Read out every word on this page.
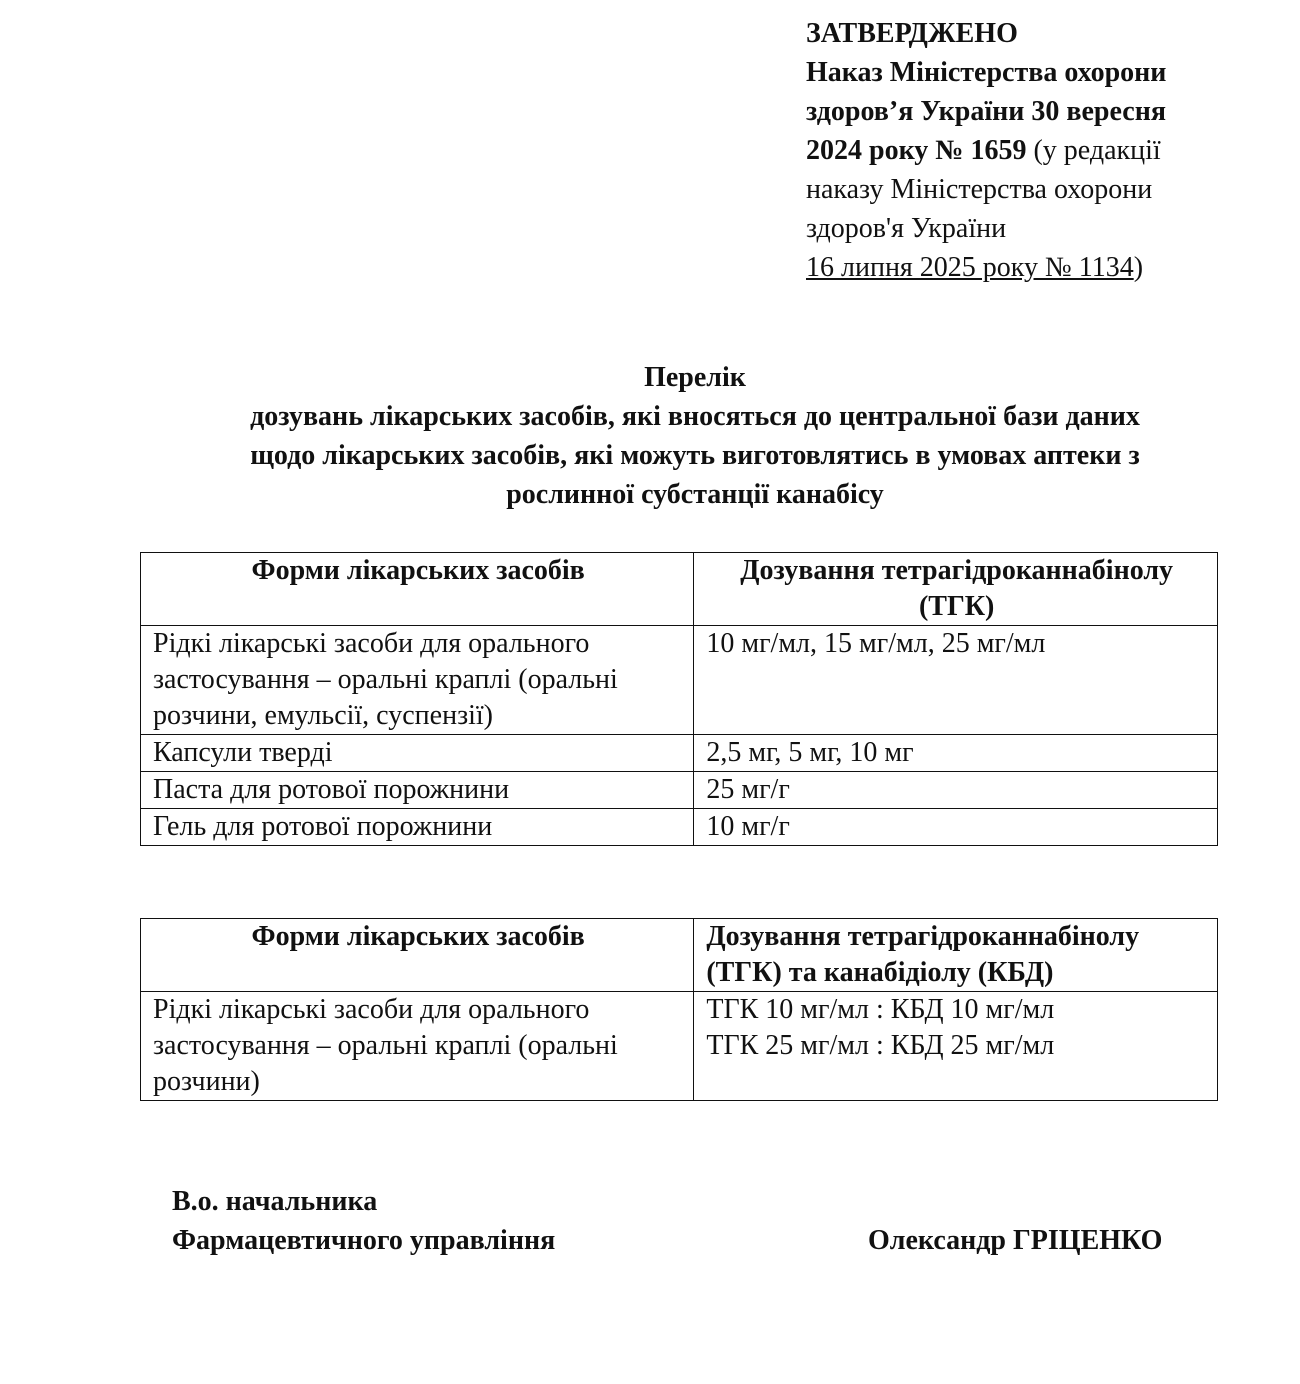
ЗАТВЕРДЖЕНО
Наказ Міністерства охорони
здоров’я України 30 вересня
2024 року № 1659 (у редакції
наказу Міністерства охорони
здоров'я України
16 липня 2025 року № 1134)
Перелік
дозувань лікарських засобів, які вносяться до центральної бази даних
щодо лікарських засобів, які можуть виготовлятись в умовах аптеки з
рослинної субстанції канабісу
Форми лікарських засобів	Дозування тетрагідроканнабінолу (ТГК)

Рідкі лікарські засоби для орального
застосування – оральні краплі (оральні
розчини, емульсії, суспензії)	10 мг/мл, 15 мг/мл, 25 мг/мл
Капсули тверді	2,5 мг, 5 мг, 10 мг
Паста для ротової порожнини	25 мг/г
Гель для ротової порожнини	10 мг/г
Форми лікарських засобів	Дозування тетрагідроканнабінолу
(ТГК) та канабідіолу (КБД)

Рідкі лікарські засоби для орального
застосування – оральні краплі (оральні
розчини)	ТГК 10 мг/мл : КБД 10 мг/мл
ТГК 25 мг/мл : КБД 25 мг/мл
В.о. начальника
Фармацевтичного управління	Олександр ГРІЦЕНКО
